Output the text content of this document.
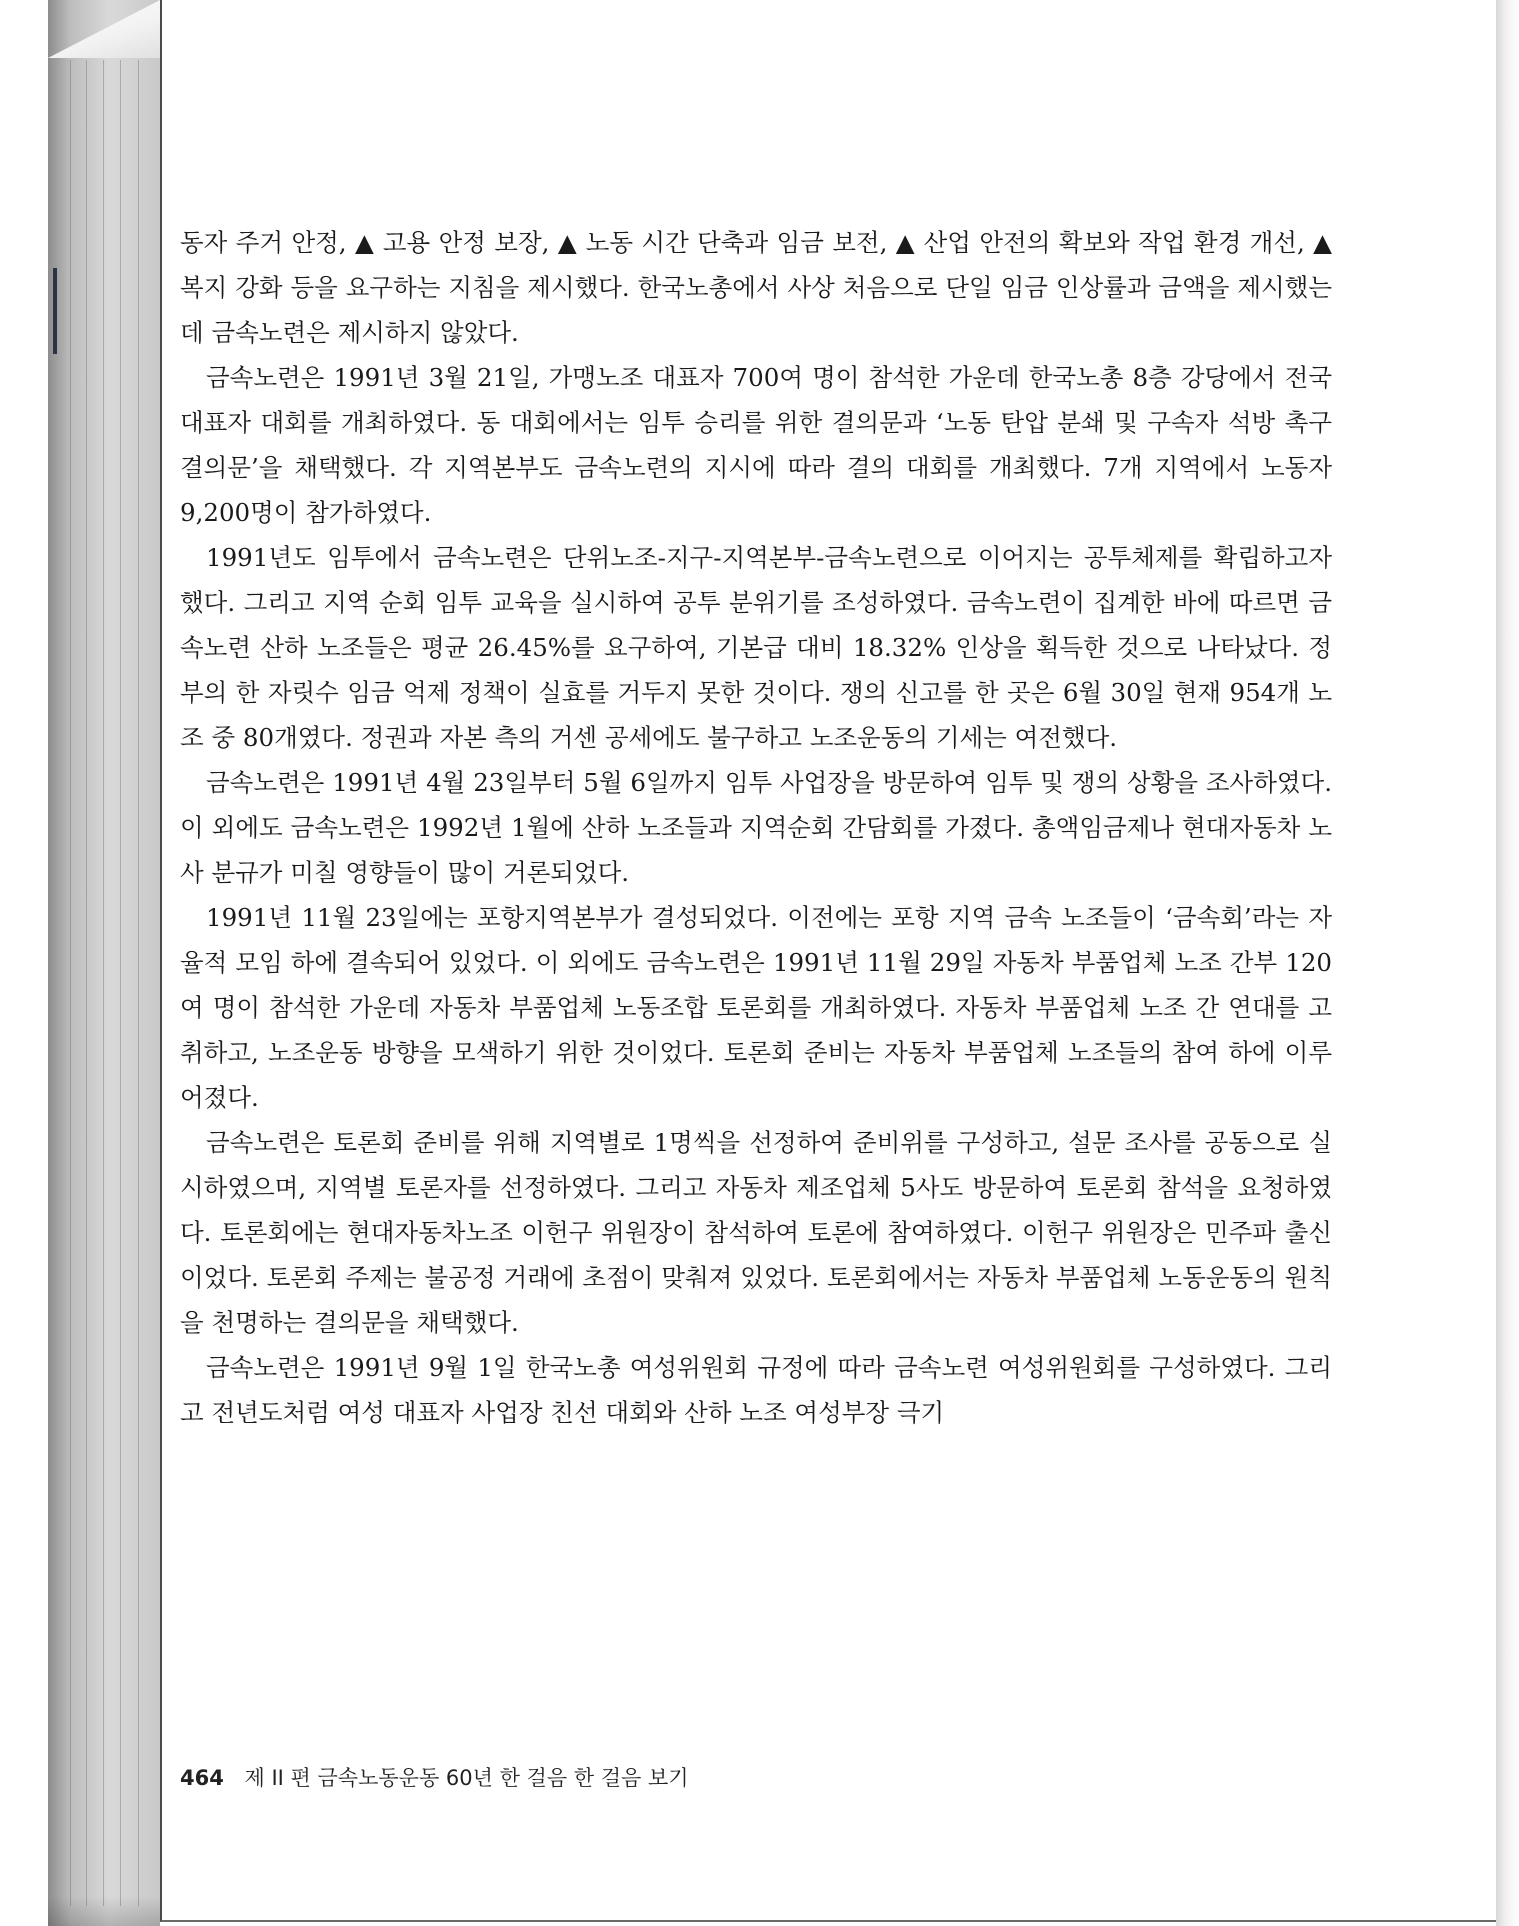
동자 주거 안정, ▲ 고용 안정 보장, ▲ 노동 시간 단축과 임금 보전, ▲ 산업 안전의 확보와 작업 환경 개선, ▲ 복지 강화 등을 요구하는 지침을 제시했다. 한국노총에서 사상 처음으로 단일 임금 인상률과 금액을 제시했는데 금속노련은 제시하지 않았다.

금속노련은 1991년 3월 21일, 가맹노조 대표자 700여 명이 참석한 가운데 한국노총 8층 강당에서 전국 대표자 대회를 개최하였다. 동 대회에서는 임투 승리를 위한 결의문과 ‘노동 탄압 분쇄 및 구속자 석방 촉구 결의문’을 채택했다. 각 지역본부도 금속노련의 지시에 따라 결의 대회를 개최했다. 7개 지역에서 노동자 9,200명이 참가하였다.

1991년도 임투에서 금속노련은 단위노조-지구-지역본부-금속노련으로 이어지는 공투체제를 확립하고자 했다. 그리고 지역 순회 임투 교육을 실시하여 공투 분위기를 조성하였다. 금속노련이 집계한 바에 따르면 금속노련 산하 노조들은 평균 26.45%를 요구하여, 기본급 대비 18.32% 인상을 획득한 것으로 나타났다. 정부의 한 자릿수 임금 억제 정책이 실효를 거두지 못한 것이다. 쟁의 신고를 한 곳은 6월 30일 현재 954개 노조 중 80개였다. 정권과 자본 측의 거센 공세에도 불구하고 노조운동의 기세는 여전했다.

금속노련은 1991년 4월 23일부터 5월 6일까지 임투 사업장을 방문하여 임투 및 쟁의 상황을 조사하였다. 이 외에도 금속노련은 1992년 1월에 산하 노조들과 지역순회 간담회를 가졌다. 총액임금제나 현대자동차 노사 분규가 미칠 영향들이 많이 거론되었다.

1991년 11월 23일에는 포항지역본부가 결성되었다. 이전에는 포항 지역 금속 노조들이 ‘금속회’라는 자율적 모임 하에 결속되어 있었다. 이 외에도 금속노련은 1991년 11월 29일 자동차 부품업체 노조 간부 120여 명이 참석한 가운데 자동차 부품업체 노동조합 토론회를 개최하였다. 자동차 부품업체 노조 간 연대를 고취하고, 노조운동 방향을 모색하기 위한 것이었다. 토론회 준비는 자동차 부품업체 노조들의 참여 하에 이루어졌다.

금속노련은 토론회 준비를 위해 지역별로 1명씩을 선정하여 준비위를 구성하고, 설문 조사를 공동으로 실시하였으며, 지역별 토론자를 선정하였다. 그리고 자동차 제조업체 5사도 방문하여 토론회 참석을 요청하였다. 토론회에는 현대자동차노조 이헌구 위원장이 참석하여 토론에 참여하였다. 이헌구 위원장은 민주파 출신이었다. 토론회 주제는 불공정 거래에 초점이 맞춰져 있었다. 토론회에서는 자동차 부품업체 노동운동의 원칙을 천명하는 결의문을 채택했다.

금속노련은 1991년 9월 1일 한국노총 여성위원회 규정에 따라 금속노련 여성위원회를 구성하였다. 그리고 전년도처럼 여성 대표자 사업장 친선 대회와 산하 노조 여성부장 극기

464 제 II 편 금속노동운동 60년 한 걸음 한 걸음 보기
